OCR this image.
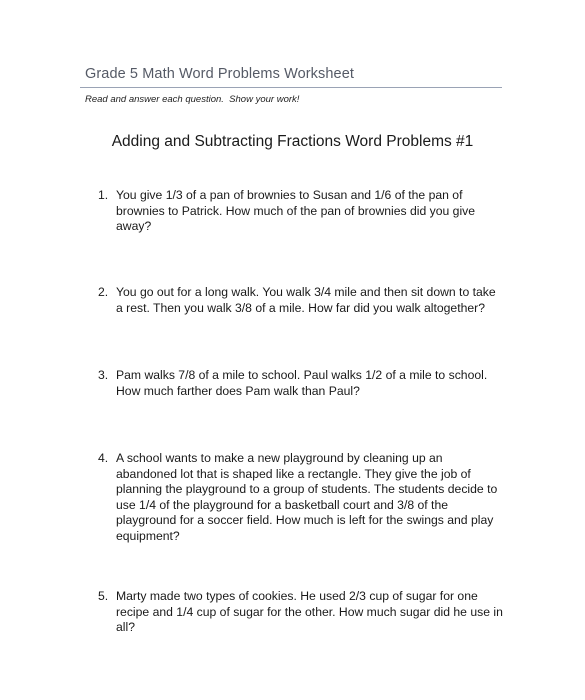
Grade 5 Math Word Problems Worksheet
Read and answer each question.  Show your work!
Adding and Subtracting Fractions Word Problems #1
1. You give 1/3 of a pan of brownies to Susan and 1/6 of the pan of
brownies to Patrick. How much of the pan of brownies did you give
away?
2. You go out for a long walk. You walk 3/4 mile and then sit down to take
a rest. Then you walk 3/8 of a mile. How far did you walk altogether?
3. Pam walks 7/8 of a mile to school. Paul walks 1/2 of a mile to school.
How much farther does Pam walk than Paul?
4. A school wants to make a new playground by cleaning up an
abandoned lot that is shaped like a rectangle. They give the job of
planning the playground to a group of students. The students decide to
use 1/4 of the playground for a basketball court and 3/8 of the
playground for a soccer field. How much is left for the swings and play
equipment?
5. Marty made two types of cookies. He used 2/3 cup of sugar for one
recipe and 1/4 cup of sugar for the other. How much sugar did he use in
all?
